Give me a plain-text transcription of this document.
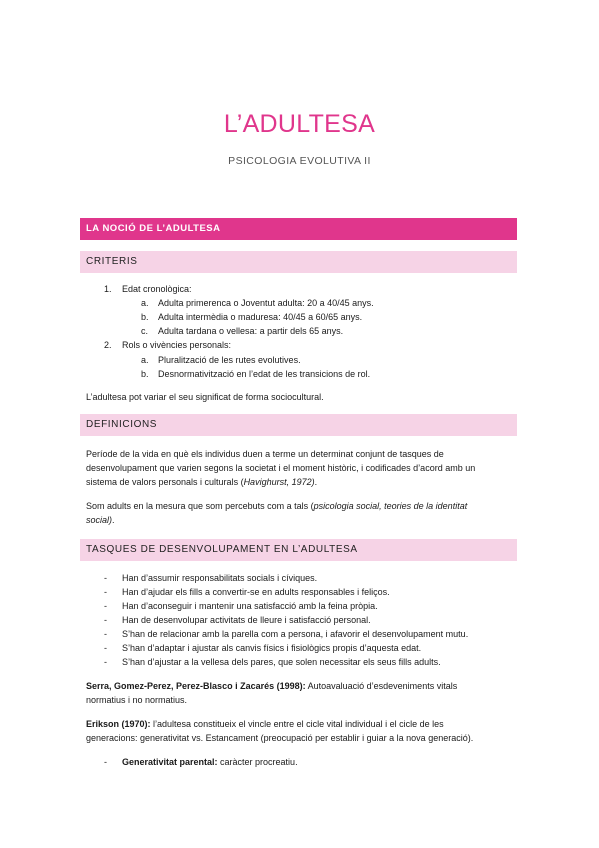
L’ADULTESA
PSICOLOGIA EVOLUTIVA II
LA NOCIÓ DE L’ADULTESA
CRITERIS
1. Edat cronològica:
a. Adulta primerenca o Joventut adulta: 20 a 40/45 anys.
b. Adulta intermèdia o maduresa: 40/45 a 60/65 anys.
c. Adulta tardana o vellesa: a partir dels 65 anys.
2. Rols o vivències personals:
a. Pluralització de les rutes evolutives.
b. Desnormativització en l’edat de les transicions de rol.
L’adultesa pot variar el seu significat de forma sociocultural.
DEFINICIONS
Període de la vida en què els individus duen a terme un determinat conjunt de tasques de
desenvolupament que varien segons la societat i el moment històric, i codificades d’acord amb un
sistema de valors personals i culturals (Havighurst, 1972).
Som adults en la mesura que som percebuts com a tals (psicologia social, teories de la identitat
social).
TASQUES DE DESENVOLUPAMENT EN L’ADULTESA
- Han d’assumir responsabilitats socials i cíviques.
- Han d’ajudar els fills a convertir-se en adults responsables i feliços.
- Han d’aconseguir i mantenir una satisfacció amb la feina pròpia.
- Han de desenvolupar activitats de lleure i satisfacció personal.
- S’han de relacionar amb la parella com a persona, i afavorir el desenvolupament mutu.
- S’han d’adaptar i ajustar als canvis físics i fisiològics propis d’aquesta edat.
- S’han d’ajustar a la vellesa dels pares, que solen necessitar els seus fills adults.
Serra, Gomez-Perez, Perez-Blasco i Zacarés (1998): Autoavaluació d’esdeveniments vitals
normatius i no normatius.
Erikson (1970): l’adultesa constitueix el vincle entre el cicle vital individual i el cicle de les
generacions: generativitat vs. Estancament (preocupació per establir i guiar a la nova generació).
- Generativitat parental: caràcter procreatiu.
